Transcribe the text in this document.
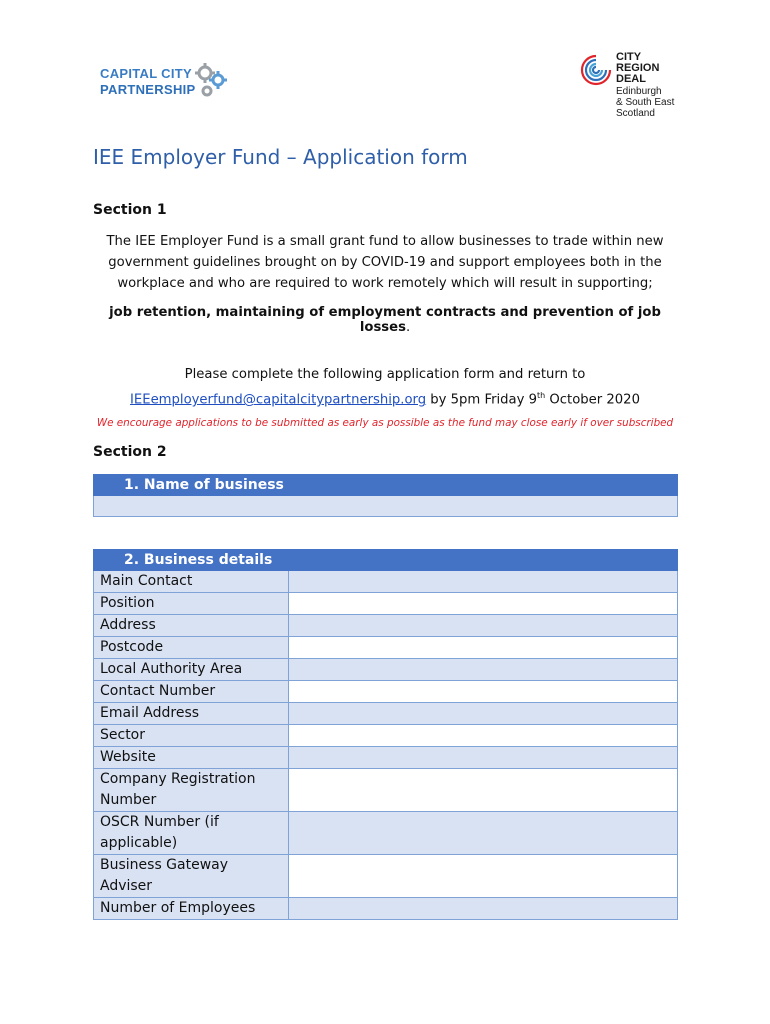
CAPITAL CITY
PARTNERSHIP
CITY
REGION
DEAL
Edinburgh
& South East
Scotland
IEE Employer Fund – Application form
Section 1
The IEE Employer Fund is a small grant fund to allow businesses to trade within new
government guidelines brought on by COVID-19 and support employees both in the
workplace and who are required to work remotely which will result in supporting;
job retention, maintaining of employment contracts and prevention of job losses.
Please complete the following application form and return to
IEEemployerfund@capitalcitypartnership.org by 5pm Friday 9th October 2020
We encourage applications to be submitted as early as possible as the fund may close early if over subscribed
Section 2
1. Name of business

2. Business details	
Main Contact	
Position	
Address	
Postcode	
Local Authority Area	
Contact Number	
Email Address	
Sector	
Website	
Company Registration Number	
OSCR Number (if applicable)	
Business Gateway Adviser	
Number of Employees	
